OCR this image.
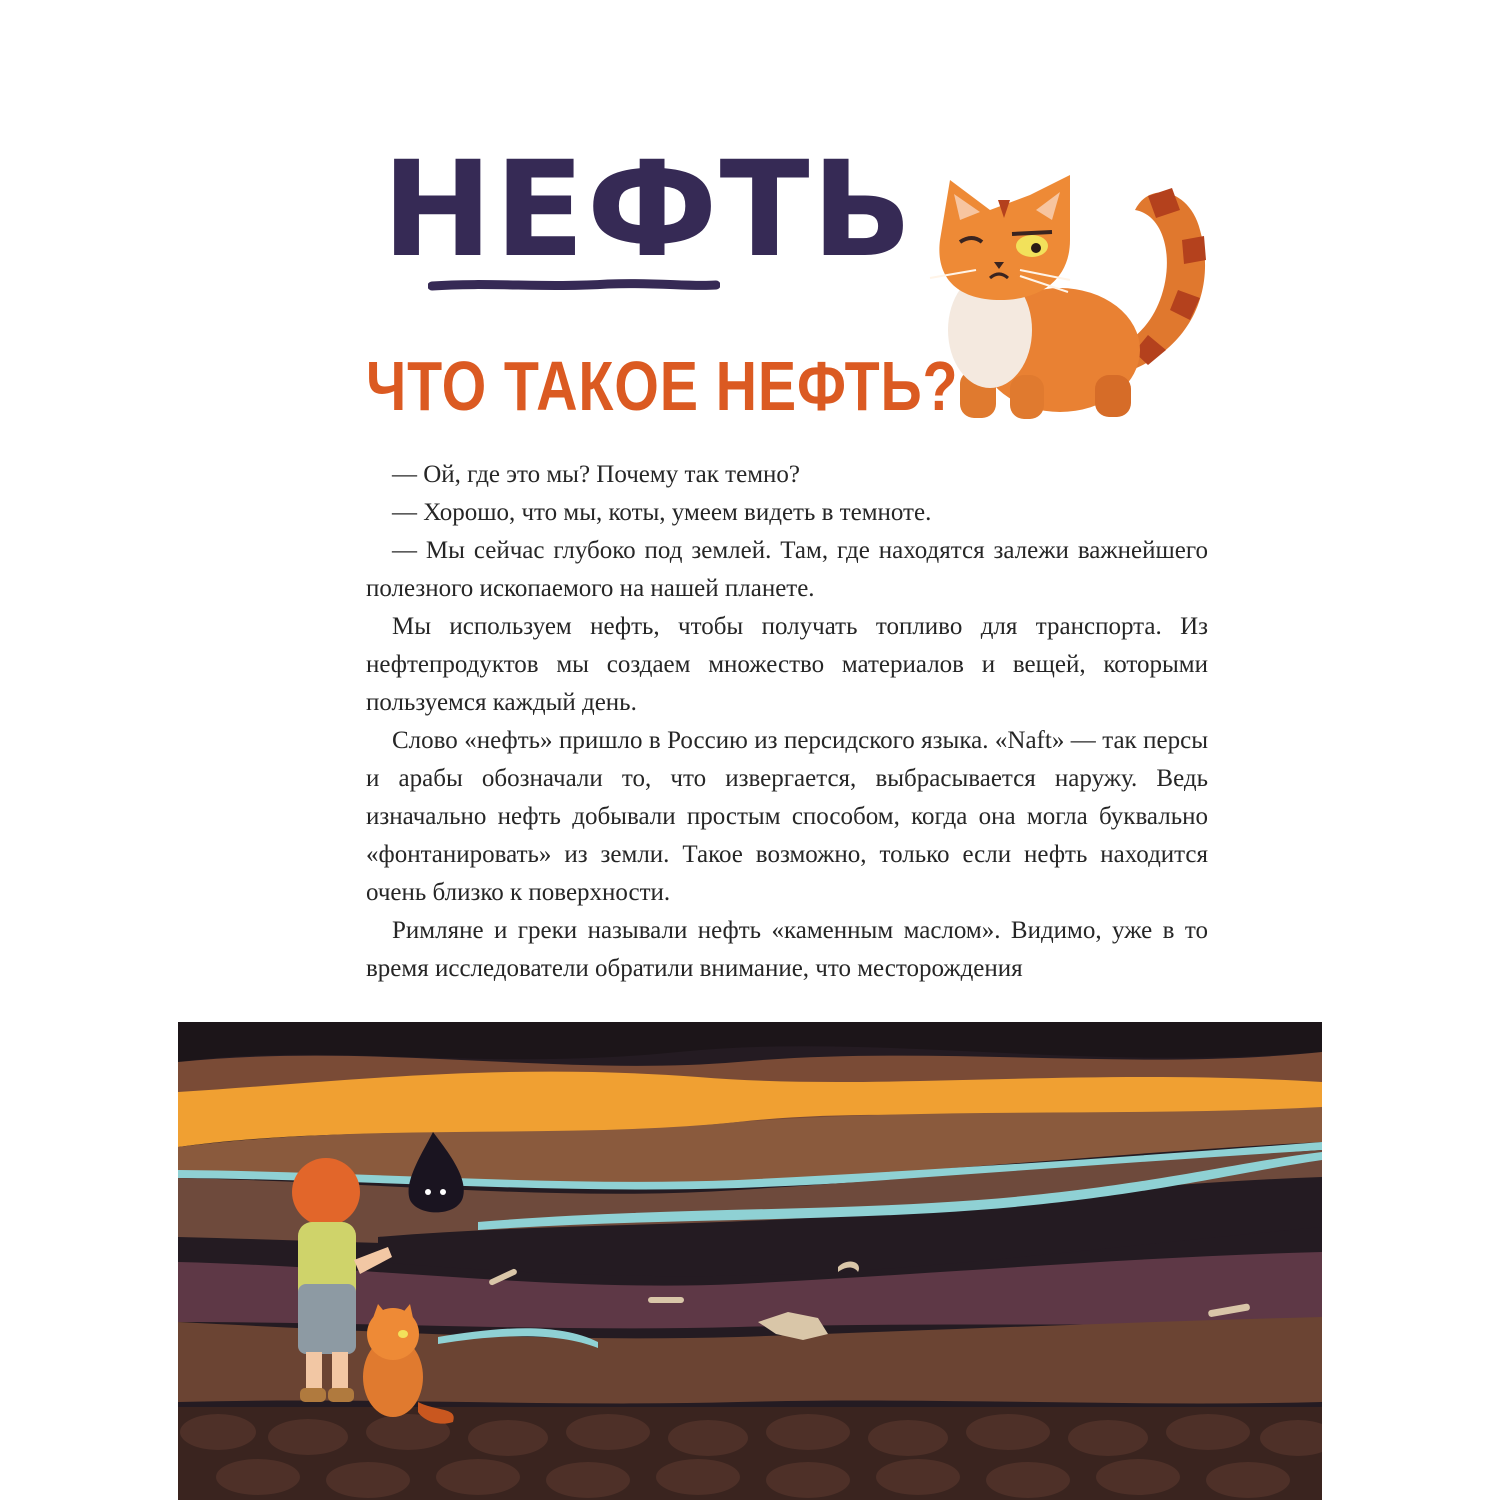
НЕФТЬ
ЧТО ТАКОЕ НЕФТЬ?

— Ой, где это мы? Почему так темно?

— Хорошо, что мы, коты, умеем видеть в темноте.

— Мы сейчас глубоко под землей. Там, где находятся залежи важнейшего полезного ископаемого на нашей планете.

Мы используем нефть, чтобы получать топливо для транспорта. Из нефтепродуктов мы создаем множество материалов и вещей, которыми пользуемся каждый день.

Слово «нефть» пришло в Россию из персидского языка. «Naft» — так персы и арабы обозначали то, что извергается, выбрасывается наружу. Ведь изначально нефть добывали простым способом, когда она могла буквально «фонтанировать» из земли. Такое возможно, только если нефть находится очень близко к поверхности.

Римляне и греки называли нефть «каменным маслом». Видимо, уже в то время исследователи обратили внимание, что месторождения
